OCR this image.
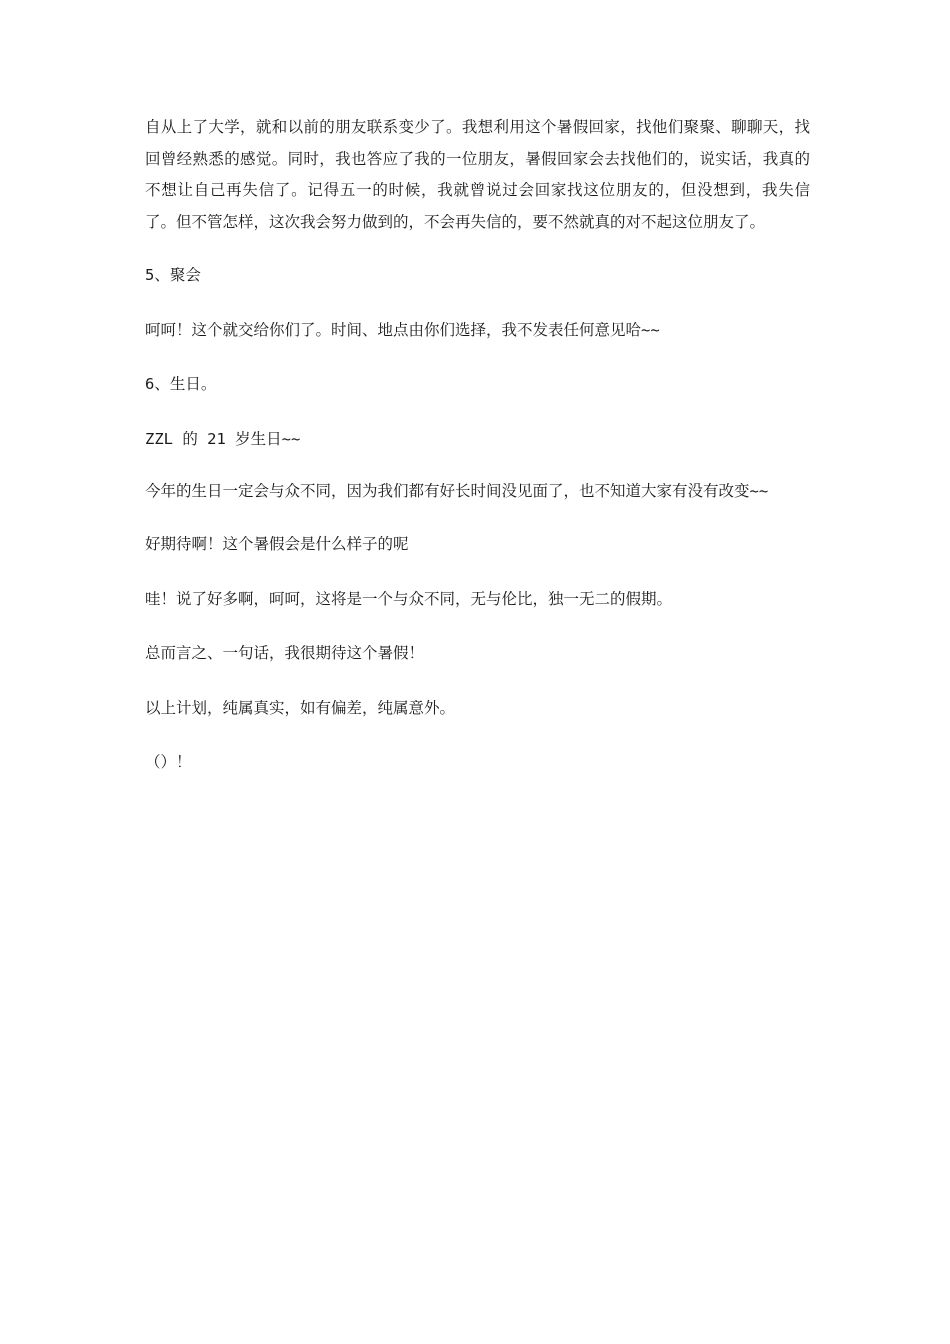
自从上了大学，就和以前的朋友联系变少了。我想利用这个暑假回家，找他们聚聚、聊聊天，找回曾经熟悉的感觉。同时，我也答应了我的一位朋友，暑假回家会去找他们的，说实话，我真的不想让自己再失信了。记得五一的时候，我就曾说过会回家找这位朋友的，但没想到，我失信了。但不管怎样，这次我会努力做到的，不会再失信的，要不然就真的对不起这位朋友了。

5、聚会

呵呵！这个就交给你们了。时间、地点由你们选择，我不发表任何意见哈~~

6、生日。

ZZL 的 21 岁生日~~

今年的生日一定会与众不同，因为我们都有好长时间没见面了，也不知道大家有没有改变~~

好期待啊！这个暑假会是什么样子的呢

哇！说了好多啊，呵呵，这将是一个与众不同，无与伦比，独一无二的假期。

总而言之、一句话，我很期待这个暑假！

以上计划，纯属真实，如有偏差，纯属意外。

（）！
